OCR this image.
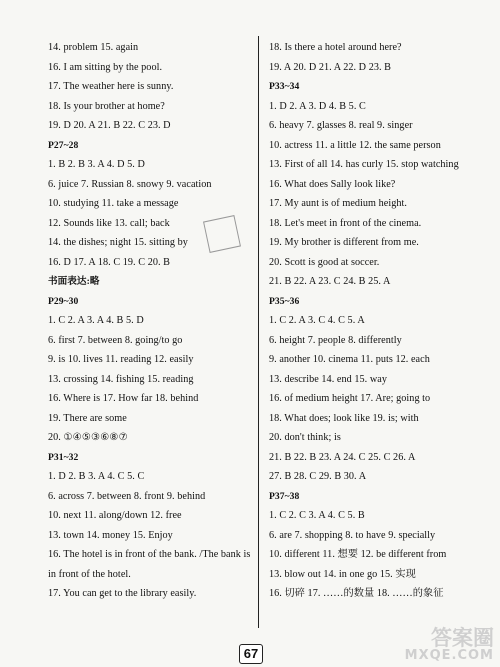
14. problem 15. again
16. I am sitting by the pool.
17. The weather here is sunny.
18. Is your brother at home?
19. D 20. A 21. B 22. C 23. D
P27~28
1. B 2. B 3. A 4. D 5. D
6. juice 7. Russian 8. snowy 9. vacation
10. studying 11. take a message
12. Sounds like 13. call; back
14. the dishes; night 15. sitting by
16. D 17. A 18. C 19. C 20. B
书面表达:略
P29~30
1. C 2. A 3. A 4. B 5. D
6. first 7. between 8. going/to go
9. is 10. lives 11. reading 12. easily
13. crossing 14. fishing 15. reading
16. Where is 17. How far 18. behind
19. There are some
20. ①④⑤③⑥⑧⑦
P31~32
1. D 2. B 3. A 4. C 5. C
6. across 7. between 8. front 9. behind
10. next 11. along/down 12. free
13. town 14. money 15. Enjoy
16. The hotel is in front of the bank. /The bank is
in front of the hotel.
17. You can get to the library easily.
18. Is there a hotel around here?
19. A 20. D 21. A 22. D 23. B
P33~34
1. D 2. A 3. D 4. B 5. C
6. heavy 7. glasses 8. real 9. singer
10. actress 11. a little 12. the same person
13. First of all 14. has curly 15. stop watching
16. What does Sally look like?
17. My aunt is of medium height.
18. Let's meet in front of the cinema.
19. My brother is different from me.
20. Scott is good at soccer.
21. B 22. A 23. C 24. B 25. A
P35~36
1. C 2. A 3. C 4. C 5. A
6. height 7. people 8. differently
9. another 10. cinema 11. puts 12. each
13. describe 14. end 15. way
16. of medium height 17. Are; going to
18. What does; look like 19. is; with
20. don't think; is
21. B 22. B 23. A 24. C 25. C 26. A
27. B 28. C 29. B 30. A
P37~38
1. C 2. C 3. A 4. C 5. B
6. are 7. shopping 8. to have 9. specially
10. different 11. 想要 12. be different from
13. blow out 14. in one go 15. 实现
16. 切碎 17. ……的数量 18. ……的象征
67
答案圈
MXQE.COM
